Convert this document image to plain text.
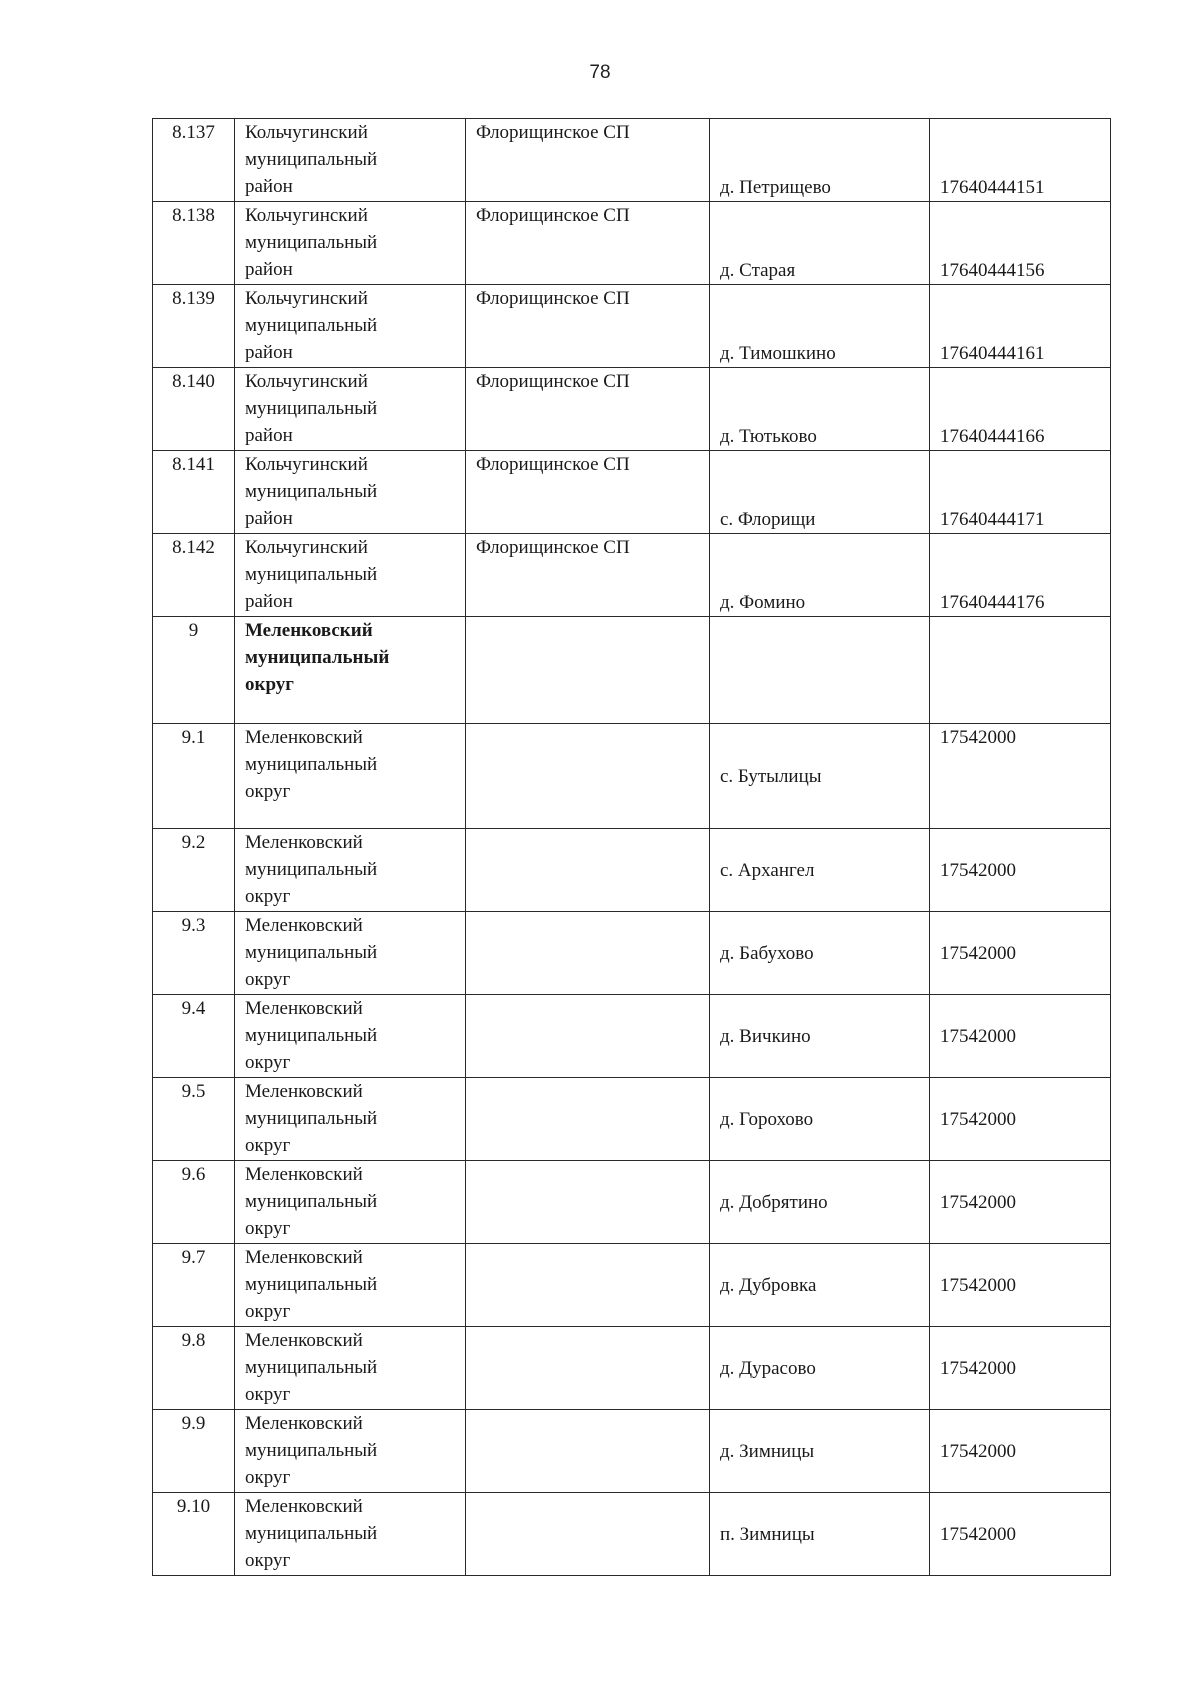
78
8.137	Кольчугинский
муниципальный
район	Флорищинское СП	д. Петрищево	17640444151
8.138	Кольчугинский
муниципальный
район	Флорищинское СП	д. Старая	17640444156
8.139	Кольчугинский
муниципальный
район	Флорищинское СП	д. Тимошкино	17640444161
8.140	Кольчугинский
муниципальный
район	Флорищинское СП	д. Тютьково	17640444166
8.141	Кольчугинский
муниципальный
район	Флорищинское СП	с. Флорищи	17640444171
8.142	Кольчугинский
муниципальный
район	Флорищинское СП	д. Фомино	17640444176
9	Меленковский
муниципальный
округ			

9.1	Меленковский
муниципальный
округ		с. Бутылицы	17542000
9.2	Меленковский
муниципальный
округ		с. Архангел	17542000
9.3	Меленковский
муниципальный
округ		д. Бабухово	17542000
9.4	Меленковский
муниципальный
округ		д. Вичкино	17542000
9.5	Меленковский
муниципальный
округ		д. Горохово	17542000
9.6	Меленковский
муниципальный
округ		д. Добрятино	17542000
9.7	Меленковский
муниципальный
округ		д. Дубровка	17542000
9.8	Меленковский
муниципальный
округ		д. Дурасово	17542000
9.9	Меленковский
муниципальный
округ		д. Зимницы	17542000
9.10	Меленковский
муниципальный
округ		п. Зимницы	17542000
